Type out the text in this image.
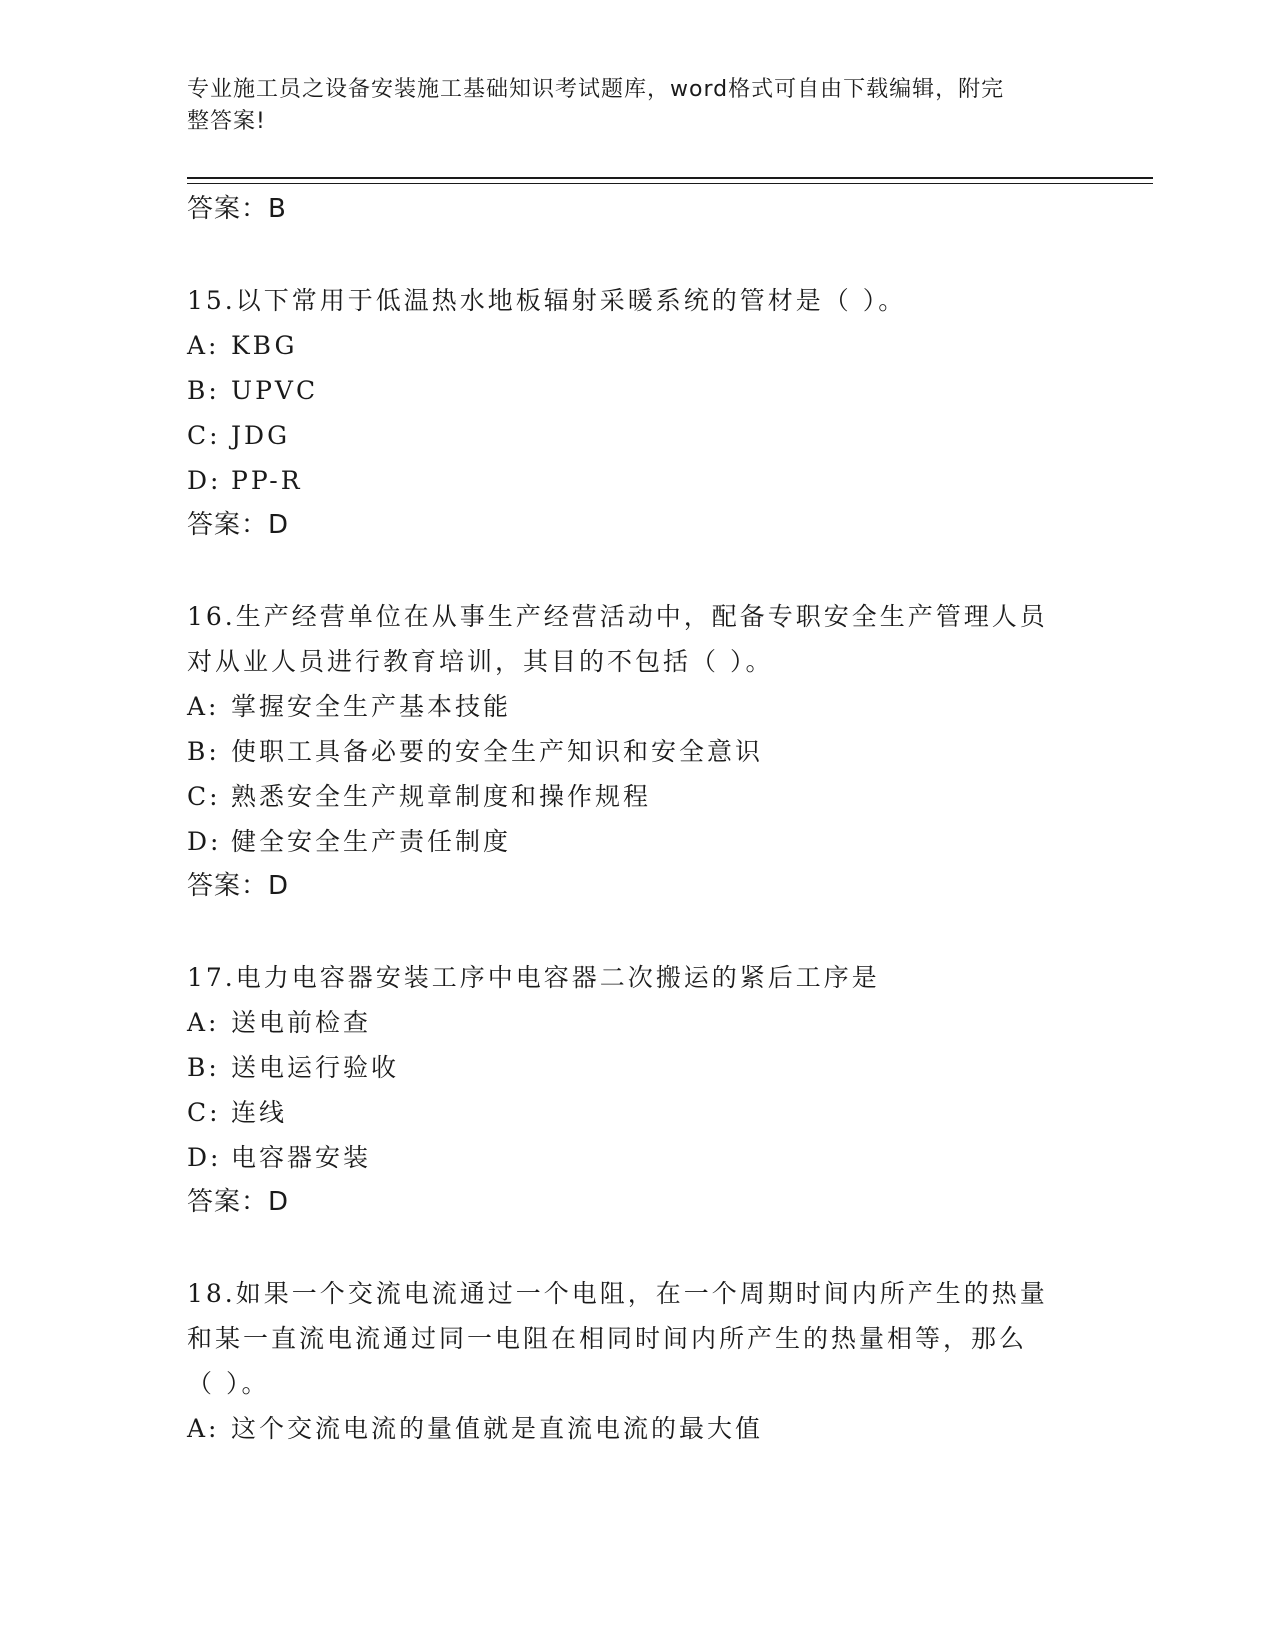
专业施工员之设备安装施工基础知识考试题库，word格式可自由下载编辑，附完
整答案!
答案：B
15.以下常用于低温热水地板辐射采暖系统的管材是（ ）。
A: KBG
B: UPVC
C: JDG
D: PP-R
答案：D
16.生产经营单位在从事生产经营活动中，配备专职安全生产管理人员
对从业人员进行教育培训，其目的不包括（ ）。
A: 掌握安全生产基本技能
B: 使职工具备必要的安全生产知识和安全意识
C: 熟悉安全生产规章制度和操作规程
D: 健全安全生产责任制度
答案：D
17.电力电容器安装工序中电容器二次搬运的紧后工序是
A: 送电前检查
B: 送电运行验收
C: 连线
D: 电容器安装
答案：D
18.如果一个交流电流通过一个电阻，在一个周期时间内所产生的热量
和某一直流电流通过同一电阻在相同时间内所产生的热量相等，那么
（ ）。
A: 这个交流电流的量值就是直流电流的最大值
